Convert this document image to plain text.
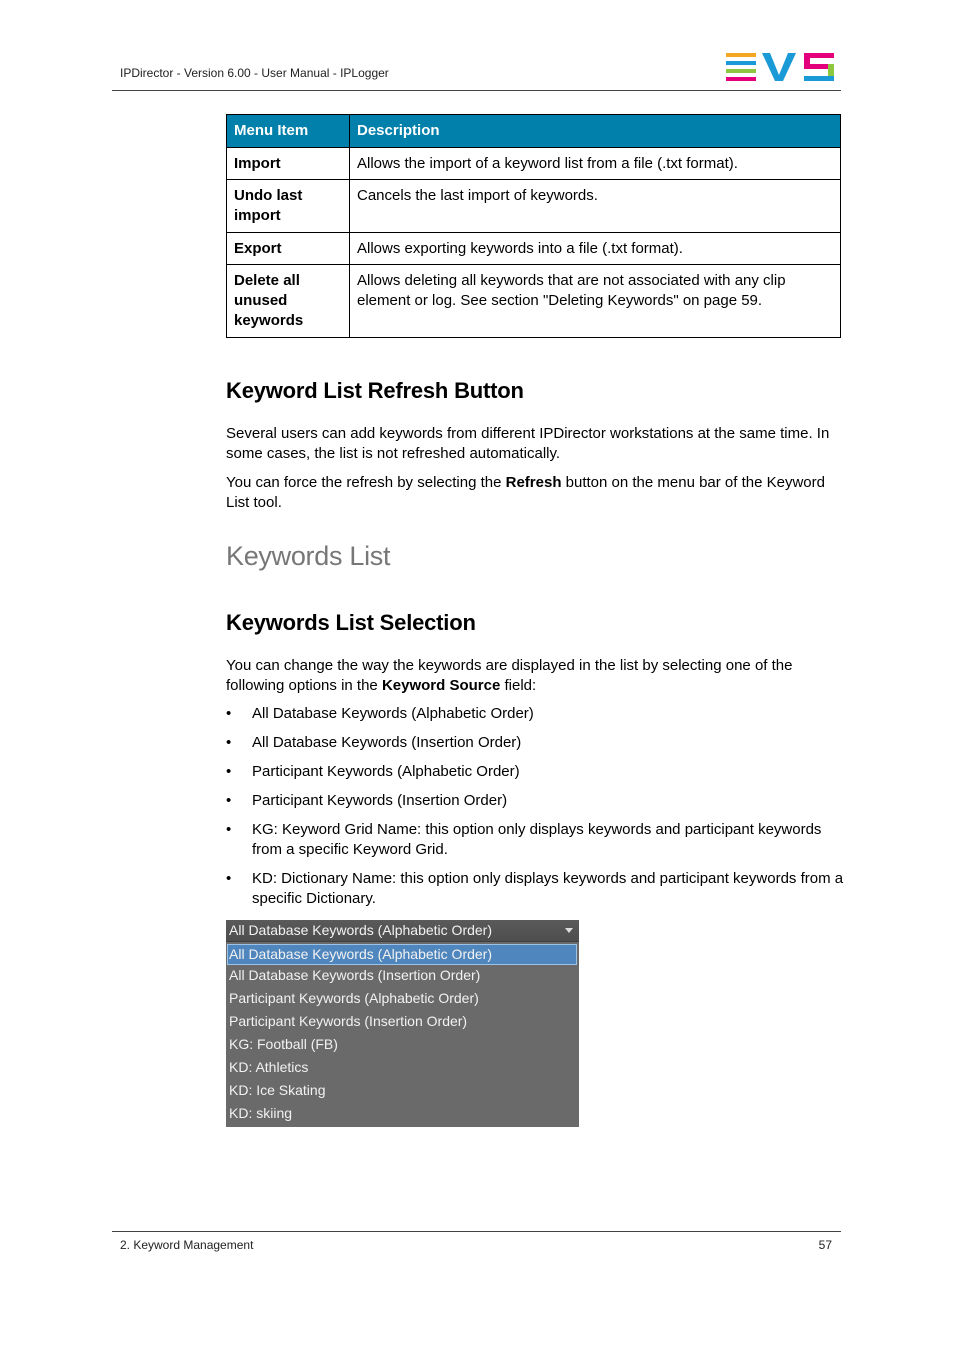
IPDirector - Version 6.00 - User Manual - IPLogger
Menu Item	Description
Import	Allows the import of a keyword list from a file (.txt format).
Undo last import	Cancels the last import of keywords.
Export	Allows exporting keywords into a file (.txt format).
Delete all unused keywords	Allows deleting all keywords that are not associated with any clip element or log. See section "Deleting Keywords" on page 59.
Keyword List Refresh Button
Several users can add keywords from different IPDirector workstations at the same time. In some cases, the list is not refreshed automatically.
You can force the refresh by selecting the Refresh button on the menu bar of the Keyword List tool.
Keywords List
Keywords List Selection
You can change the way the keywords are displayed in the list by selecting one of the following options in the Keyword Source field:
• All Database Keywords (Alphabetic Order)
• All Database Keywords (Insertion Order)
• Participant Keywords (Alphabetic Order)
• Participant Keywords (Insertion Order)
• KG: Keyword Grid Name: this option only displays keywords and participant keywords from a specific Keyword Grid.
• KD: Dictionary Name: this option only displays keywords and participant keywords from a specific Dictionary.
All Database Keywords (Alphabetic Order)
All Database Keywords (Alphabetic Order)
All Database Keywords (Insertion Order)
Participant Keywords (Alphabetic Order)
Participant Keywords (Insertion Order)
KG: Football (FB)
KD: Athletics
KD: Ice Skating
KD: skiing
2. Keyword Management	57
